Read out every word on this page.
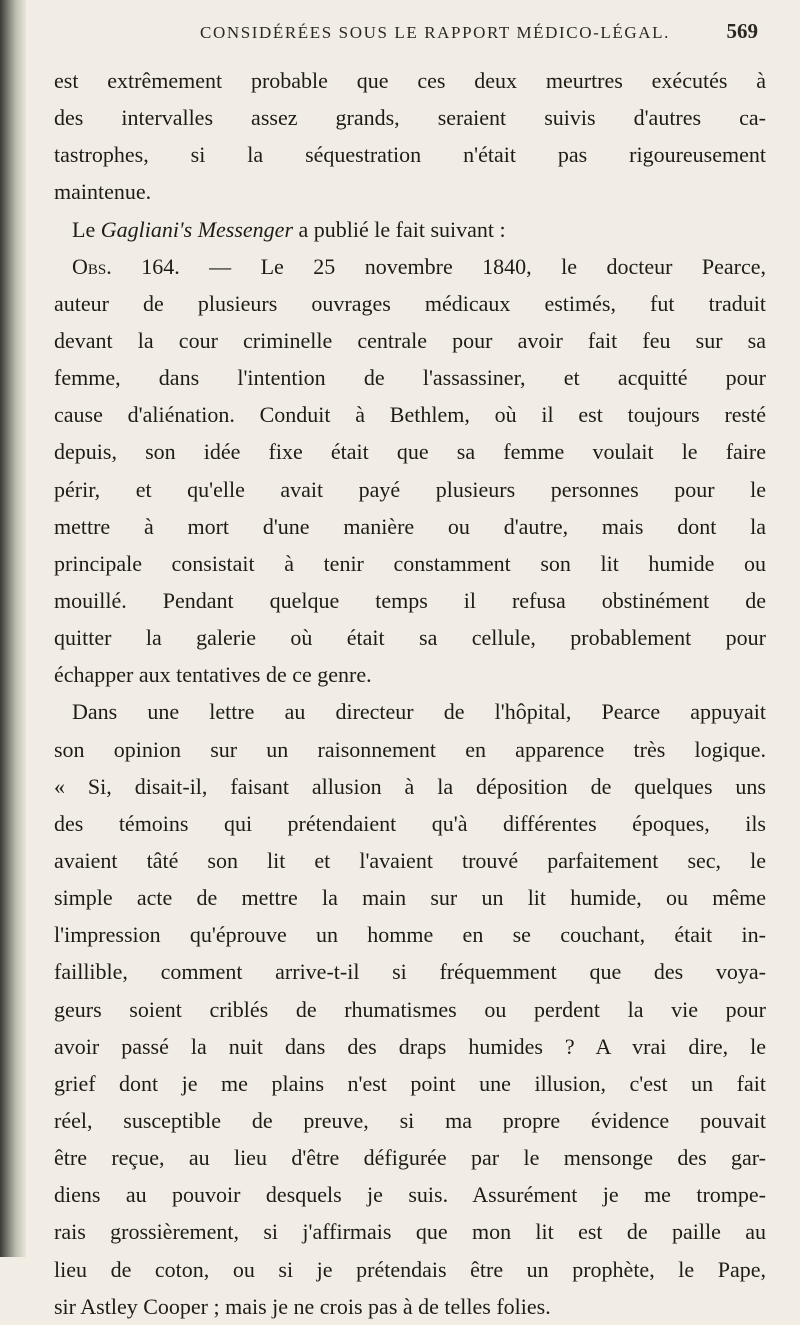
CONSIDÉRÉES SOUS LE RAPPORT MÉDICO-LÉGAL.	569
est extrêmement probable que ces deux meurtres exécutés à
des intervalles assez grands, seraient suivis d'autres ca-
tastrophes, si la séquestration n'était pas rigoureusement
maintenue.
Le Gagliani's Messenger a publié le fait suivant :
Obs. 164. — Le 25 novembre 1840, le docteur Pearce,
auteur de plusieurs ouvrages médicaux estimés, fut traduit
devant la cour criminelle centrale pour avoir fait feu sur sa
femme, dans l'intention de l'assassiner, et acquitté pour
cause d'aliénation. Conduit à Bethlem, où il est toujours resté
depuis, son idée fixe était que sa femme voulait le faire
périr, et qu'elle avait payé plusieurs personnes pour le
mettre à mort d'une manière ou d'autre, mais dont la
principale consistait à tenir constamment son lit humide ou
mouillé. Pendant quelque temps il refusa obstinément de
quitter la galerie où était sa cellule, probablement pour
échapper aux tentatives de ce genre.
Dans une lettre au directeur de l'hôpital, Pearce appuyait
son opinion sur un raisonnement en apparence très logique.
« Si, disait-il, faisant allusion à la déposition de quelques uns
des témoins qui prétendaient qu'à différentes époques, ils
avaient tâté son lit et l'avaient trouvé parfaitement sec, le
simple acte de mettre la main sur un lit humide, ou même
l'impression qu'éprouve un homme en se couchant, était in-
faillible, comment arrive-t-il si fréquemment que des voya-
geurs soient criblés de rhumatismes ou perdent la vie pour
avoir passé la nuit dans des draps humides ? A vrai dire, le
grief dont je me plains n'est point une illusion, c'est un fait
réel, susceptible de preuve, si ma propre évidence pouvait
être reçue, au lieu d'être défigurée par le mensonge des gar-
diens au pouvoir desquels je suis. Assurément je me trompe-
rais grossièrement, si j'affirmais que mon lit est de paille au
lieu de coton, ou si je prétendais être un prophète, le Pape,
sir Astley Cooper ; mais je ne crois pas à de telles folies.
